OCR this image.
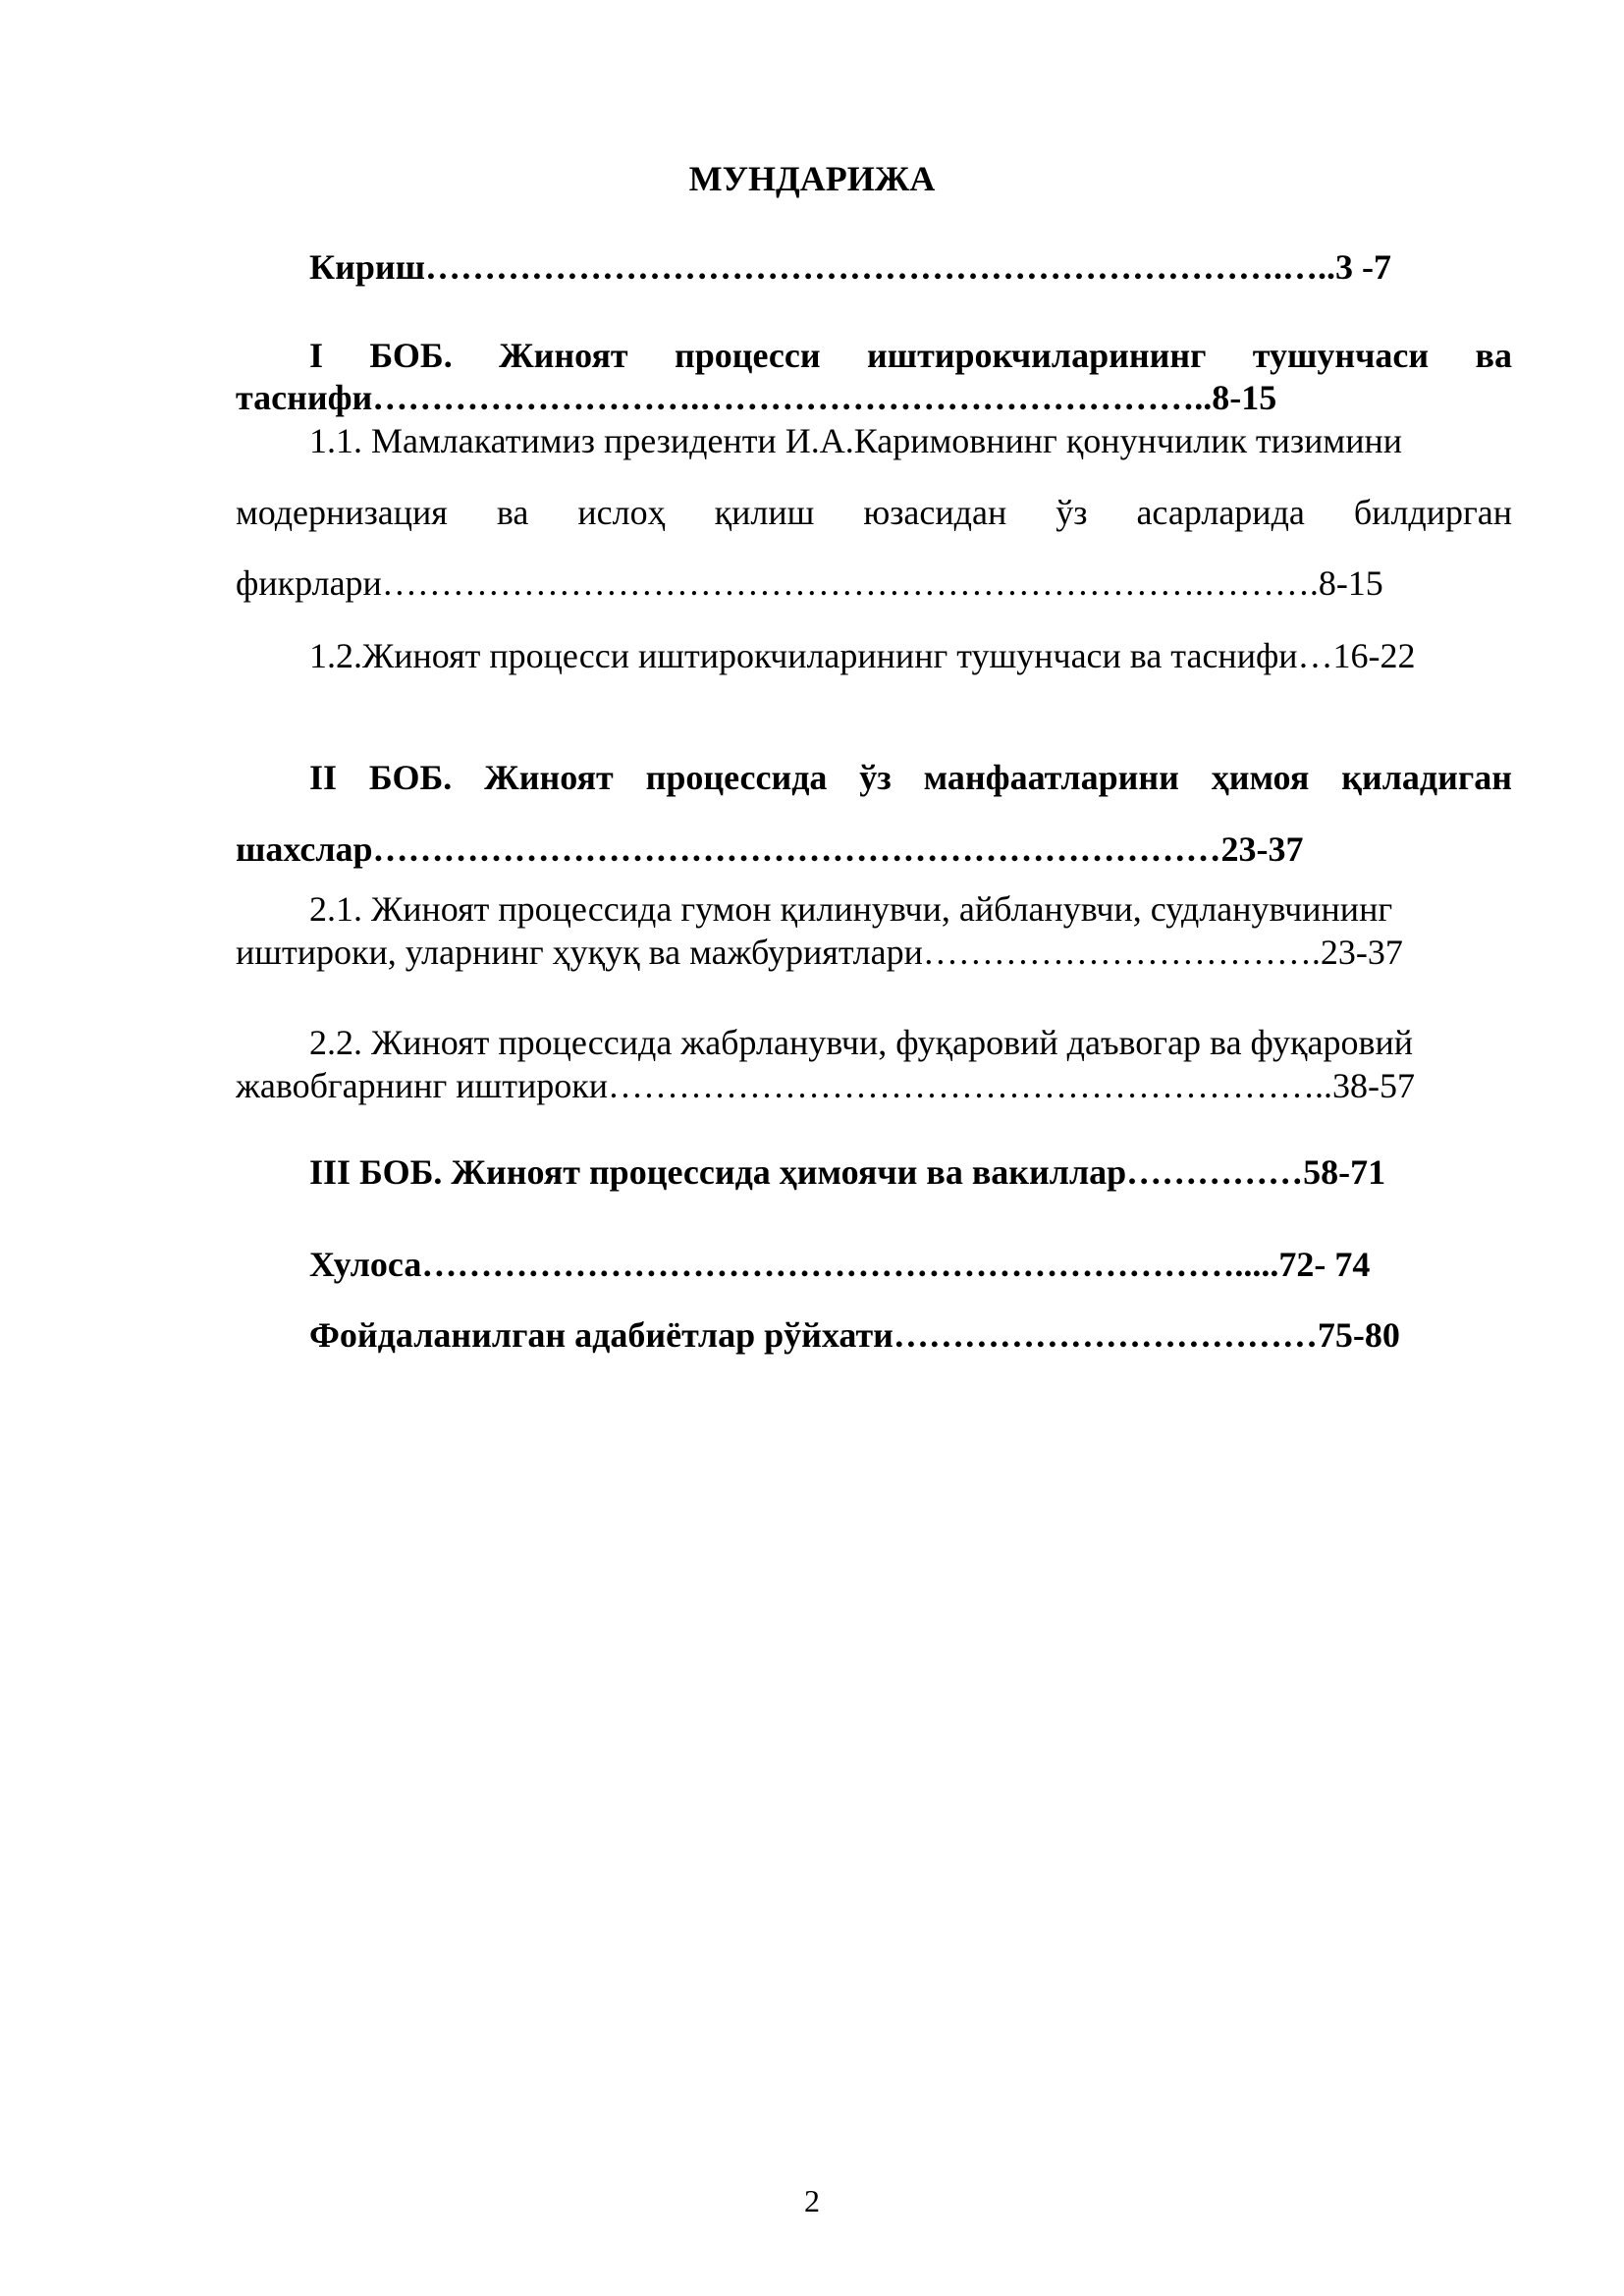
МУНДАРИЖА
Кириш……………………………………………………………….…..3 -7
I БОБ. Жиноят процесси иштирокчиларининг тушунчаси ва
таснифи……………………….……………………………………..8-15
1.1. Мамлакатимиз президенти И.А.Каримовнинг қонунчилик тизимини
модернизация ва ислоҳ қилиш юзасидан ўз асарларида билдирган
фикрлари…………………………………………………………….……….8-15
1.2.Жиноят процесси иштирокчиларининг тушунчаси ва таснифи…16-22
II БОБ. Жиноят процессида ўз манфаатларини ҳимоя қиладиган
шахслар………………………………………………………………23-37
2.1. Жиноят процессида гумон қилинувчи, айбланувчи, судланувчининг
иштироки, уларнинг ҳуқуқ ва мажбуриятлари…………………………….23-37
2.2. Жиноят процессида жабрланувчи, фуқаровий даъвогар ва фуқаровий
жавобгарнинг иштироки……………………………………………………..38-57
III БОБ. Жиноят процессида ҳимоячи ва вакиллар……………58-71
Хулоса…………………………………………………………….....72- 74
Фойдаланилган адабиётлар рўйхати………………………………75-80
2
